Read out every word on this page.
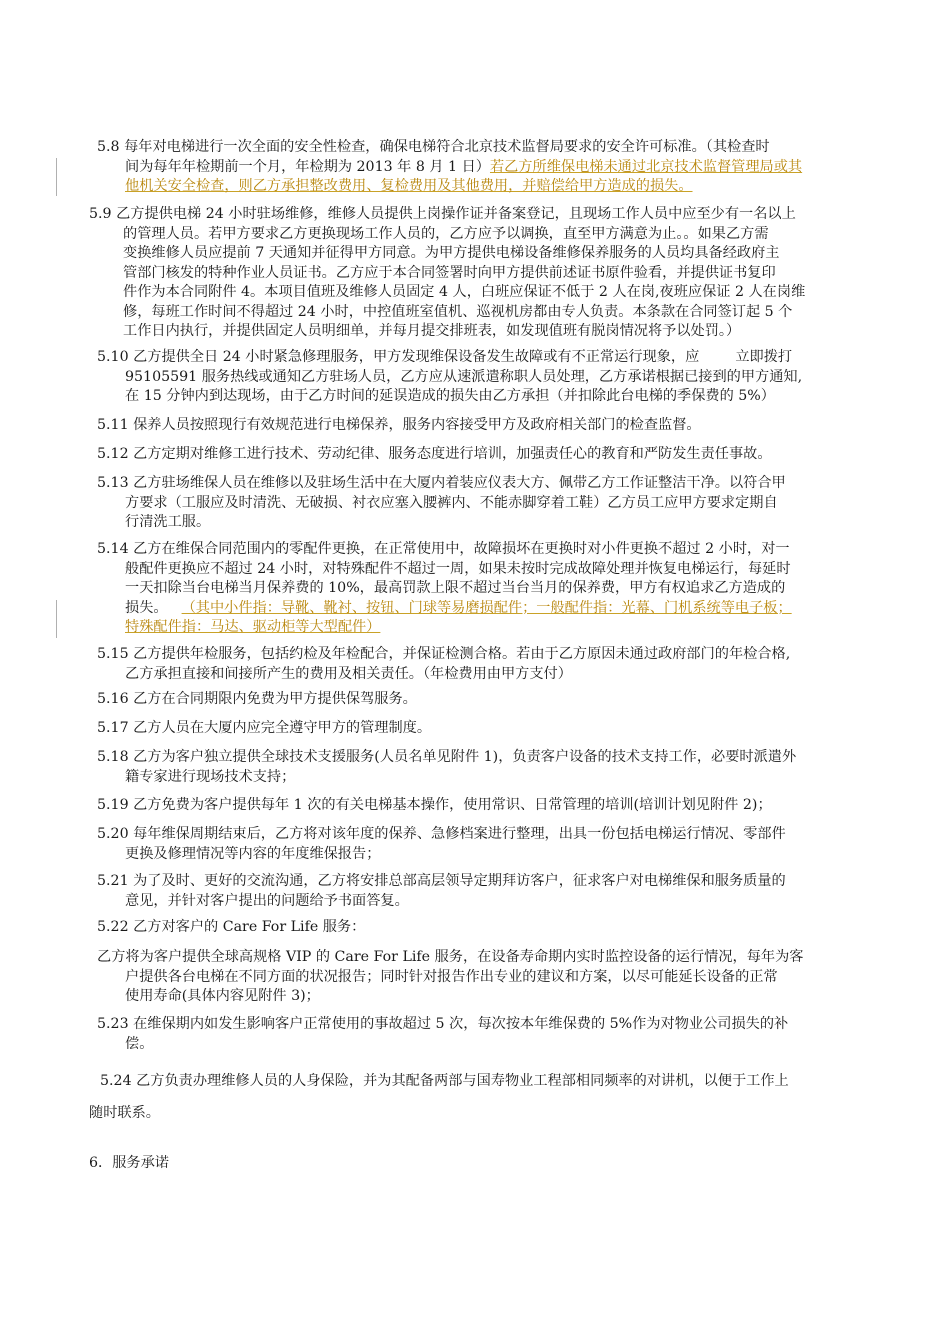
5.8 每年对电梯进行一次全面的安全性检查，确保电梯符合北京技术监督局要求的安全许可标准。（其检查时
间为每年年检期前一个月，年检期为 2013 年 8 月 1 日）若乙方所维保电梯未通过北京技术监督管理局或其
他机关安全检查，则乙方承担整改费用、复检费用及其他费用，并赔偿给甲方造成的损失。
5.9 乙方提供电梯 24 小时驻场维修，维修人员提供上岗操作证并备案登记，且现场工作人员中应至少有一名以上
的管理人员。若甲方要求乙方更换现场工作人员的，乙方应予以调换，直至甲方满意为止。。如果乙方需
变换维修人员应提前 7 天通知并征得甲方同意。为甲方提供电梯设备维修保养服务的人员均具备经政府主
管部门核发的特种作业人员证书。乙方应于本合同签署时向甲方提供前述证书原件验看，并提供证书复印
件作为本合同附件 4。本项目值班及维修人员固定 4 人，白班应保证不低于 2 人在岗,夜班应保证 2 人在岗维
修，每班工作时间不得超过 24 小时，中控值班室值机、巡视机房都由专人负责。本条款在合同签订起 5 个
工作日内执行，并提供固定人员明细单，并每月提交排班表，如发现值班有脱岗情况将予以处罚。）
5.10 乙方提供全日 24 小时紧急修理服务，甲方发现维保设备发生故障或有不正常运行现象，应	立即拨打
95105591 服务热线或通知乙方驻场人员，乙方应从速派遣称职人员处理，乙方承诺根据已接到的甲方通知,
在 15 分钟内到达现场，由于乙方时间的延误造成的损失由乙方承担（并扣除此台电梯的季保费的 5%）
5.11 保养人员按照现行有效规范进行电梯保养，服务内容接受甲方及政府相关部门的检查监督。
5.12 乙方定期对维修工进行技术、劳动纪律、服务态度进行培训，加强责任心的教育和严防发生责任事故。
5.13 乙方驻场维保人员在维修以及驻场生活中在大厦内着装应仪表大方、佩带乙方工作证整洁干净。以符合甲
方要求（工服应及时清洗、无破损、衬衣应塞入腰裤内、不能赤脚穿着工鞋）乙方员工应甲方要求定期自
行清洗工服。
5.14 乙方在维保合同范围内的零配件更换，在正常使用中，故障损坏在更换时对小件更换不超过 2 小时，对一
般配件更换应不超过 24 小时，对特殊配件不超过一周，如果未按时完成故障处理并恢复电梯运行，每延时
一天扣除当台电梯当月保养费的 10%，最高罚款上限不超过当台当月的保养费，甲方有权追求乙方造成的
损失。 （其中小件指：导靴、靴衬、按钮、门球等易磨损配件；一般配件指：光幕、门机系统等电子板；
特殊配件指：马达、驱动柜等大型配件）
5.15 乙方提供年检服务，包括约检及年检配合，并保证检测合格。若由于乙方原因未通过政府部门的年检合格,
乙方承担直接和间接所产生的费用及相关责任。（年检费用由甲方支付）
5.16 乙方在合同期限内免费为甲方提供保驾服务。
5.17 乙方人员在大厦内应完全遵守甲方的管理制度。
5.18 乙方为客户独立提供全球技术支援服务(人员名单见附件 1)，负责客户设备的技术支持工作，必要时派遣外
籍专家进行现场技术支持；
5.19 乙方免费为客户提供每年 1 次的有关电梯基本操作，使用常识、日常管理的培训(培训计划见附件 2)；
5.20 每年维保周期结束后，乙方将对该年度的保养、急修档案进行整理，出具一份包括电梯运行情况、零部件
更换及修理情况等内容的年度维保报告；
5.21 为了及时、更好的交流沟通，乙方将安排总部高层领导定期拜访客户，征求客户对电梯维保和服务质量的
意见，并针对客户提出的问题给予书面答复。
5.22 乙方对客户的 Care For Life 服务：
乙方将为客户提供全球高规格 VIP 的 Care For Life 服务，在设备寿命期内实时监控设备的运行情况，每年为客
户提供各台电梯在不同方面的状况报告；同时针对报告作出专业的建议和方案，以尽可能延长设备的正常
使用寿命(具体内容见附件 3)；
5.23 在维保期内如发生影响客户正常使用的事故超过 5 次，每次按本年维保费的 5%作为对物业公司损失的补
偿。
5.24 乙方负责办理维修人员的人身保险，并为其配备两部与国寿物业工程部相同频率的对讲机，以便于工作上
随时联系。
6．服务承诺
